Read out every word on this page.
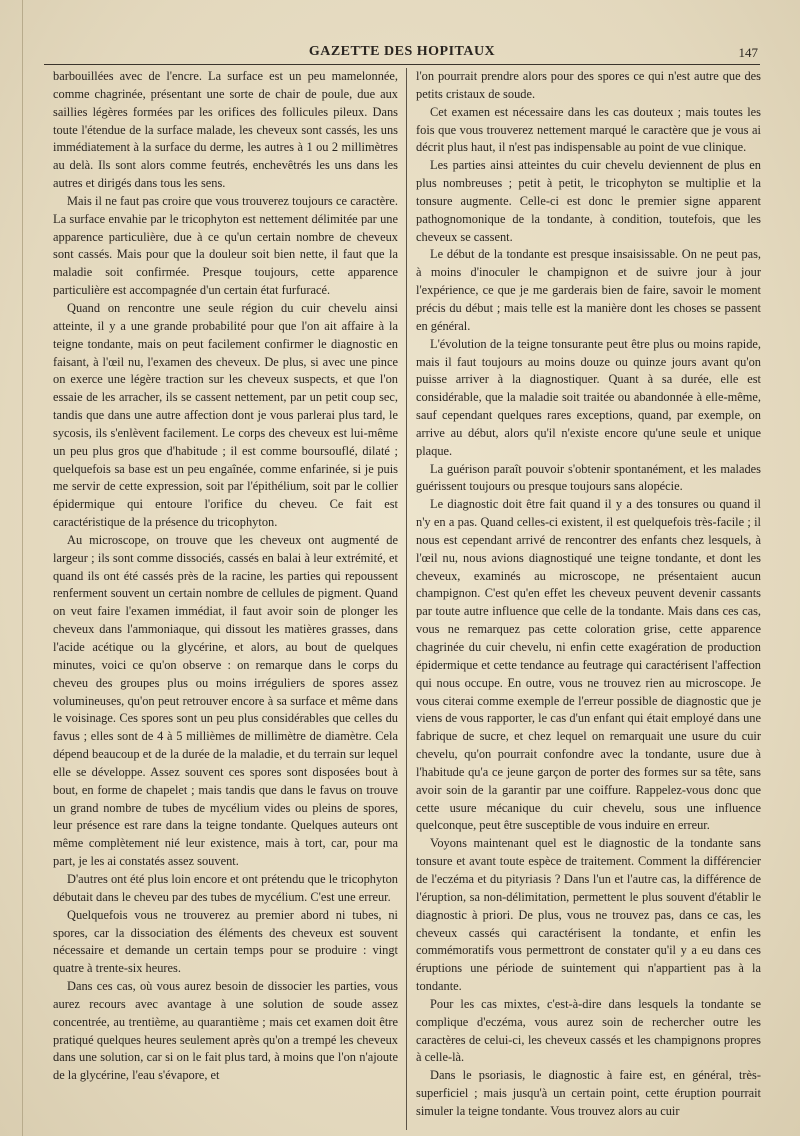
GAZETTE DES HOPITAUX	147

barbouillées avec de l'encre. La surface est un peu mamelonnée, comme chagrinée, présentant une sorte de chair de poule, due aux saillies légères formées par les orifices des follicules pileux. Dans toute l'étendue de la surface malade, les cheveux sont cassés, les uns immédiatement à la surface du derme, les autres à 1 ou 2 millimètres au delà. Ils sont alors comme feutrés, enchevêtrés les uns dans les autres et dirigés dans tous les sens.

Mais il ne faut pas croire que vous trouverez toujours ce caractère. La surface envahie par le tricophyton est nettement délimitée par une apparence particulière, due à ce qu'un certain nombre de cheveux sont cassés. Mais pour que la douleur soit bien nette, il faut que la maladie soit confirmée. Presque toujours, cette apparence particulière est accompagnée d'un certain état furfuracé.

Quand on rencontre une seule région du cuir chevelu ainsi atteinte, il y a une grande probabilité pour que l'on ait affaire à la teigne tondante, mais on peut facilement confirmer le diagnostic en faisant, à l'œil nu, l'examen des cheveux. De plus, si avec une pince on exerce une légère traction sur les cheveux suspects, et que l'on essaie de les arracher, ils se cassent nettement, par un petit coup sec, tandis que dans une autre affection dont je vous parlerai plus tard, le sycosis, ils s'enlèvent facilement. Le corps des cheveux est lui-même un peu plus gros que d'habitude ; il est comme boursouflé, dilaté ; quelquefois sa base est un peu engaînée, comme enfarinée, si je puis me servir de cette expression, soit par l'épithélium, soit par le collier épidermique qui entoure l'orifice du cheveu. Ce fait est caractéristique de la présence du tricophyton.

Au microscope, on trouve que les cheveux ont augmenté de largeur ; ils sont comme dissociés, cassés en balai à leur extrémité, et quand ils ont été cassés près de la racine, les parties qui repoussent renferment souvent un certain nombre de cellules de pigment. Quand on veut faire l'examen immédiat, il faut avoir soin de plonger les cheveux dans l'ammoniaque, qui dissout les matières grasses, dans l'acide acétique ou la glycérine, et alors, au bout de quelques minutes, voici ce qu'on observe : on remarque dans le corps du cheveu des groupes plus ou moins irréguliers de spores assez volumineuses, qu'on peut retrouver encore à sa surface et même dans le voisinage. Ces spores sont un peu plus considérables que celles du favus ; elles sont de 4 à 5 millièmes de millimètre de diamètre. Cela dépend beaucoup et de la durée de la maladie, et du terrain sur lequel elle se développe. Assez souvent ces spores sont disposées bout à bout, en forme de chapelet ; mais tandis que dans le favus on trouve un grand nombre de tubes de mycélium vides ou pleins de spores, leur présence est rare dans la teigne tondante. Quelques auteurs ont même complètement nié leur existence, mais à tort, car, pour ma part, je les ai constatés assez souvent.

D'autres ont été plus loin encore et ont prétendu que le tricophyton débutait dans le cheveu par des tubes de mycélium. C'est une erreur.

Quelquefois vous ne trouverez au premier abord ni tubes, ni spores, car la dissociation des éléments des cheveux est souvent nécessaire et demande un certain temps pour se produire : vingt quatre à trente-six heures.

Dans ces cas, où vous aurez besoin de dissocier les parties, vous aurez recours avec avantage à une solution de soude assez concentrée, au trentième, au quarantième ; mais cet examen doit être pratiqué quelques heures seulement après qu'on a trempé les cheveux dans une solution, car si on le fait plus tard, à moins que l'on n'ajoute de la glycérine, l'eau s'évapore, et

l'on pourrait prendre alors pour des spores ce qui n'est autre que des petits cristaux de soude.

Cet examen est nécessaire dans les cas douteux ; mais toutes les fois que vous trouverez nettement marqué le caractère que je vous ai décrit plus haut, il n'est pas indispensable au point de vue clinique.

Les parties ainsi atteintes du cuir chevelu deviennent de plus en plus nombreuses ; petit à petit, le tricophyton se multiplie et la tonsure augmente. Celle-ci est donc le premier signe apparent pathognomonique de la tondante, à condition, toutefois, que les cheveux se cassent.

Le début de la tondante est presque insaisissable. On ne peut pas, à moins d'inoculer le champignon et de suivre jour à jour l'expérience, ce que je me garderais bien de faire, savoir le moment précis du début ; mais telle est la manière dont les choses se passent en général.

L'évolution de la teigne tonsurante peut être plus ou moins rapide, mais il faut toujours au moins douze ou quinze jours avant qu'on puisse arriver à la diagnostiquer. Quant à sa durée, elle est considérable, que la maladie soit traitée ou abandonnée à elle-même, sauf cependant quelques rares exceptions, quand, par exemple, on arrive au début, alors qu'il n'existe encore qu'une seule et unique plaque.

La guérison paraît pouvoir s'obtenir spontanément, et les malades guérissent toujours ou presque toujours sans alopécie.

Le diagnostic doit être fait quand il y a des tonsures ou quand il n'y en a pas. Quand celles-ci existent, il est quelquefois très-facile ; il nous est cependant arrivé de rencontrer des enfants chez lesquels, à l'œil nu, nous avions diagnostiqué une teigne tondante, et dont les cheveux, examinés au microscope, ne présentaient aucun champignon. C'est qu'en effet les cheveux peuvent devenir cassants par toute autre influence que celle de la tondante. Mais dans ces cas, vous ne remarquez pas cette coloration grise, cette apparence chagrinée du cuir chevelu, ni enfin cette exagération de production épidermique et cette tendance au feutrage qui caractérisent l'affection qui nous occupe. En outre, vous ne trouvez rien au microscope. Je vous citerai comme exemple de l'erreur possible de diagnostic que je viens de vous rapporter, le cas d'un enfant qui était employé dans une fabrique de sucre, et chez lequel on remarquait une usure du cuir chevelu, qu'on pourrait confondre avec la tondante, usure due à l'habitude qu'a ce jeune garçon de porter des formes sur sa tête, sans avoir soin de la garantir par une coiffure. Rappelez-vous donc que cette usure mécanique du cuir chevelu, sous une influence quelconque, peut être susceptible de vous induire en erreur.

Voyons maintenant quel est le diagnostic de la tondante sans tonsure et avant toute espèce de traitement. Comment la différencier de l'eczéma et du pityriasis ? Dans l'un et l'autre cas, la différence de l'éruption, sa non-délimitation, permettent le plus souvent d'établir le diagnostic à priori. De plus, vous ne trouvez pas, dans ce cas, les cheveux cassés qui caractérisent la tondante, et enfin les commémoratifs vous permettront de constater qu'il y a eu dans ces éruptions une période de suintement qui n'appartient pas à la tondante.

Pour les cas mixtes, c'est-à-dire dans lesquels la tondante se complique d'eczéma, vous aurez soin de rechercher outre les caractères de celui-ci, les cheveux cassés et les champignons propres à celle-là.

Dans le psoriasis, le diagnostic à faire est, en général, très-superficiel ; mais jusqu'à un certain point, cette éruption pourrait simuler la teigne tondante. Vous trouvez alors au cuir
